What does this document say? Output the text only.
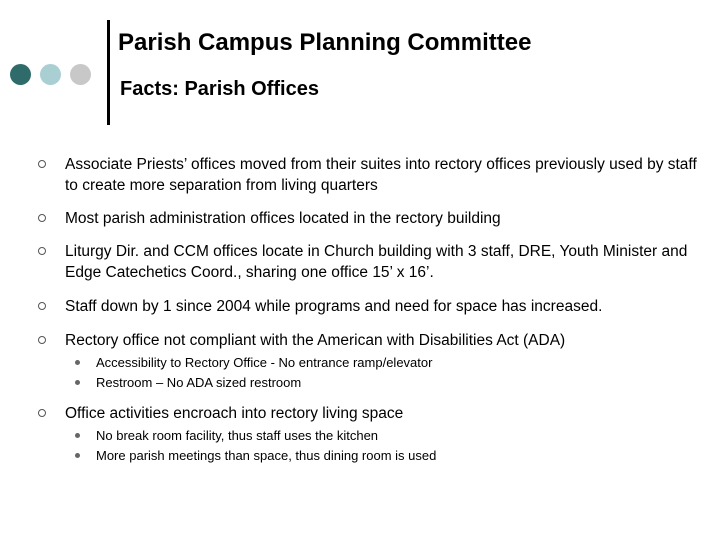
Parish Campus Planning Committee
Facts: Parish Offices
Associate Priests’ offices moved from their suites into rectory offices previously used by staff to create more separation from living quarters
Most parish administration offices located in the rectory building
Liturgy Dir. and CCM offices locate in Church building with 3 staff, DRE, Youth Minister and Edge Catechetics Coord., sharing one office 15’ x 16’.
Staff down by 1 since 2004 while programs and need for space has increased.
Rectory office not compliant with the American with Disabilities Act (ADA)
Accessibility to Rectory Office - No entrance ramp/elevator
Restroom – No ADA sized restroom
Office activities encroach into rectory living space
No break room facility, thus staff uses the kitchen
More parish meetings than space, thus dining room is used
